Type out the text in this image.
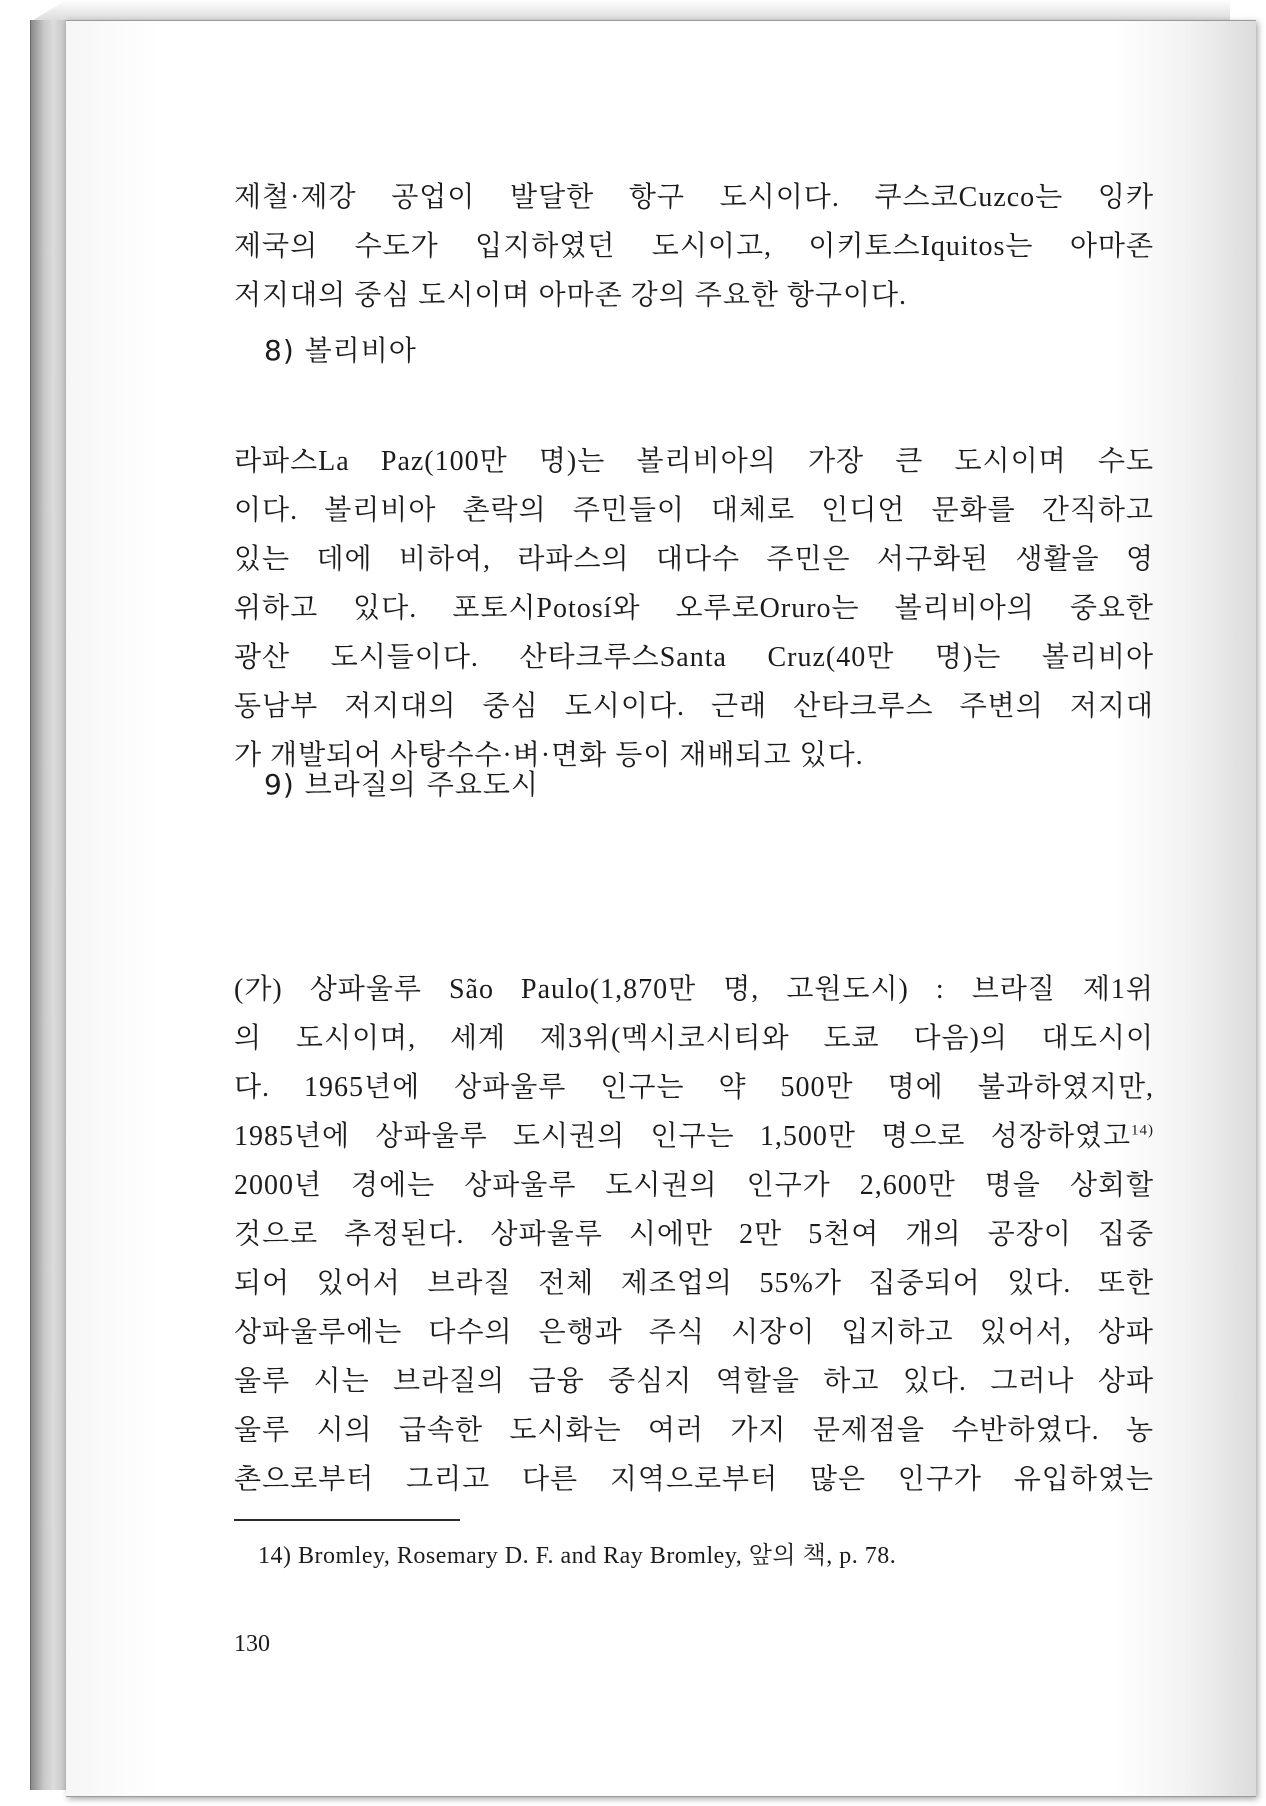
제철·제강 공업이 발달한 항구 도시이다. 쿠스코Cuzco는 잉카
제국의 수도가 입지하였던 도시이고, 이키토스Iquitos는 아마존
저지대의 중심 도시이며 아마존 강의 주요한 항구이다.
8) 볼리비아
라파스La Paz(100만 명)는 볼리비아의 가장 큰 도시이며 수도
이다. 볼리비아 촌락의 주민들이 대체로 인디언 문화를 간직하고
있는 데에 비하여, 라파스의 대다수 주민은 서구화된 생활을 영
위하고 있다. 포토시Potosí와 오루로Oruro는 볼리비아의 중요한
광산 도시들이다. 산타크루스Santa Cruz(40만 명)는 볼리비아
동남부 저지대의 중심 도시이다. 근래 산타크루스 주변의 저지대
가 개발되어 사탕수수·벼·면화 등이 재배되고 있다.
9) 브라질의 주요도시
(가) 상파울루 São Paulo(1,870만 명, 고원도시) : 브라질 제1위
의 도시이며, 세계 제3위(멕시코시티와 도쿄 다음)의 대도시이
다. 1965년에 상파울루 인구는 약 500만 명에 불과하였지만,
1985년에 상파울루 도시권의 인구는 1,500만 명으로 성장하였고$^{14)}$
2000년 경에는 상파울루 도시권의 인구가 2,600만 명을 상회할
것으로 추정된다. 상파울루 시에만 2만 5천여 개의 공장이 집중
되어 있어서 브라질 전체 제조업의 55%가 집중되어 있다. 또한
상파울루에는 다수의 은행과 주식 시장이 입지하고 있어서, 상파
울루 시는 브라질의 금융 중심지 역할을 하고 있다. 그러나 상파
울루 시의 급속한 도시화는 여러 가지 문제점을 수반하였다. 농
촌으로부터 그리고 다른 지역으로부터 많은 인구가 유입하였는
14) Bromley, Rosemary D. F. and Ray Bromley, 앞의 책, p. 78.
130
